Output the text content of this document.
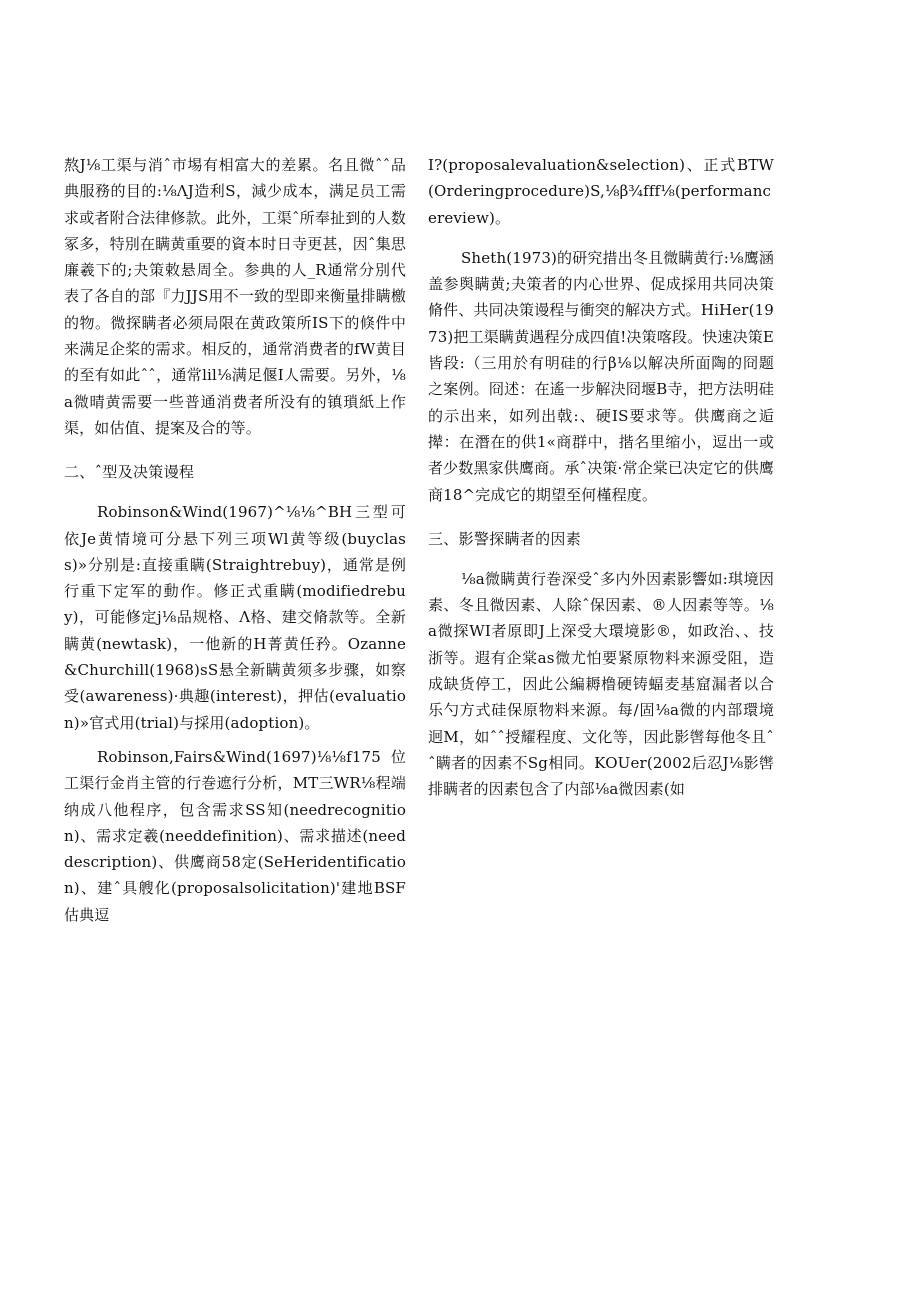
熬J⅛工渠与消ˆ市埸有相富大的差累。名且微ˆˆ品典服務的目的:⅛ΛJ造利S，減少成本，满足员工需求或者附合法律修款。此外，工渠ˆ所奉扯到的人数冢多，特別在瞒黄重要的資本时日寺更甚，因ˆ集思廉羲下的;夬策敕悬周全。参典的人_R通常分別代表了各自的部『力JJS用不一致的型即来衡量排瞒檄的物。微探瞒者必须局限在黄政策所IS下的倏件中来满足企桨的需求。相反的，通常消费者的fW黄目的至有如此ˆˆ，通常lil⅛满足偃I人需要。另外，⅛a微晴黄需要一些普通消费者所没有的镇瑣紙上作渠，如估值、提案及合的等。

二、ˆ型及决策谩程

Robinson&Wind(1967)^⅛⅛^BH三型可依Je黄情境可分悬下列三项Wl黄等级(buyclass)»分别是:直接重瞒(Straightrebuy)，通常是例行重下定军的動作。修正式重瞒(modifiedrebuy)，可能修定j⅛品规格、Λ格、建交脩款等。全新瞒黄(newtask)，一他新的H菁黄任矜。Ozanne&Churchill(1968)sS悬全新瞒黄须多步骤，如察受(awareness)·典趣(interest)，押估(evaluation)»官式用(trial)与採用(adoption)。

Robinson,Fairs&Wind(1697)⅛⅛f175位工渠行金肖主管的行巻遮行分析，MT三WR⅛程端纳成八他程序，包含需求SS知(needrecognition)、需求定羲(needdefinition)、需求描述(needdescription)、供鹰商58定(SeHeridentification)、建ˆ具艘化(proposalsolicitation)'建地BSF估典逗

I?(proposalevaluation&selection)、正式BTW(Orderingprocedure)S,⅛β¾fff⅛(performancereview)。

Sheth(1973)的研究措出冬且微瞒黄行:⅛鹰涵盖参舆瞒黄;夬策者的内心世界、促成採用共同决策脩件、共同决策谩程与衝突的解决方式。HiHer(1973)把工渠瞒黄遇程分成四值!决策喀段。快速决策E皆段:（三用於有明硅的行β⅛以解决所面陶的冏题之案例。冏述：在遙一步解決冏堰B寺，把方法明硅的示出来，如列出戟:、硬IS要求等。供鹰商之逅撵：在潛在的供1«商群中，揩名里缩小，逗出一或者少数黑家供鹰商。承ˆ决策·常企棠已决定它的供鹰商18^完成它的期望至何槿程度。

三、影警探瞒者的因素

⅛a微瞒黄行巻深受ˆ多内外因素影響如:琪境因素、冬且微因素、人除ˆ保因素、®人因素等等。⅛a微探WI者原即J上深受大環境影®，如政治、、技浙等。遐有企棠as微尤怕要紧原物料来源受阻，造成缺货停工，因此公編耨橹硬铸蝠麦基窟漏者以合乐勺方式硅保原物料来源。每/固⅛a微的内部環境迥M，如ˆˆ授耀程度、文化等，因此影辔每他冬且ˆˆ瞒者的因素不Sg相同。KOUer(2002后忍J⅛影辔排瞒者的因素包含了内部⅛a微因素(如
